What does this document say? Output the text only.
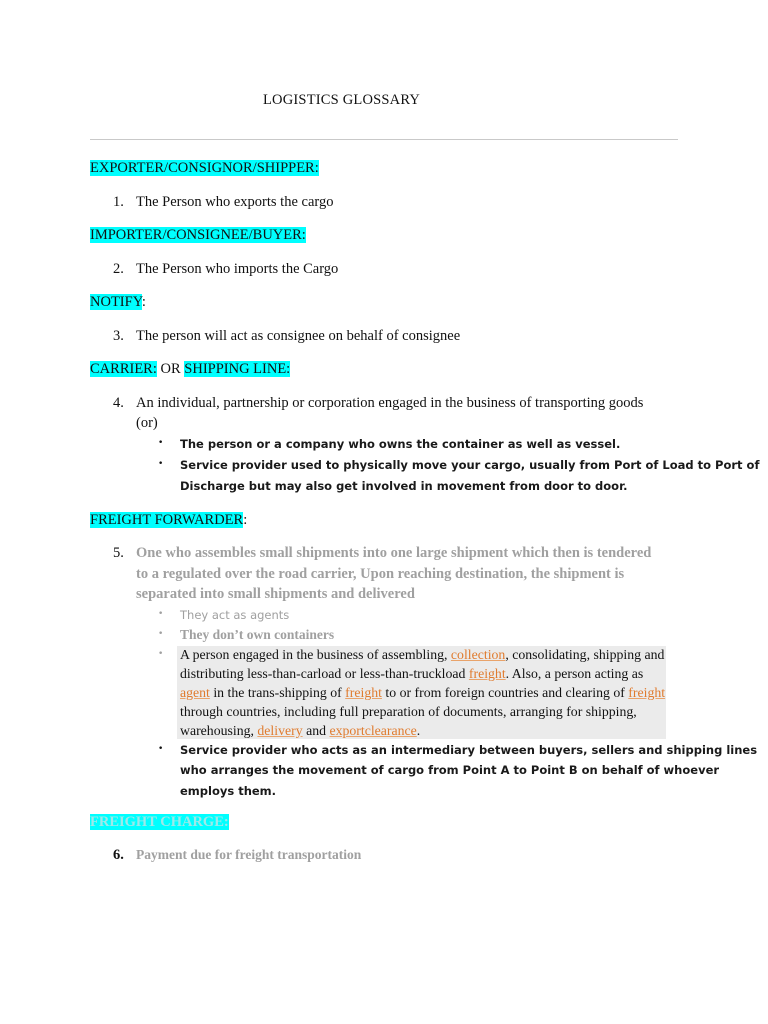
LOGISTICS GLOSSARY
EXPORTER/CONSIGNOR/SHIPPER:
1. The Person who exports the cargo
IMPORTER/CONSIGNEE/BUYER:
2. The Person who imports the Cargo
NOTIFY:
3. The person will act as consignee on behalf of consignee
CARRIER: OR SHIPPING LINE:
4. An individual, partnership or corporation engaged in the business of transporting goods
(or)
• The person or a company who owns the container as well as vessel.
• Service provider used to physically move your cargo, usually from Port of Load to Port of
Discharge but may also get involved in movement from door to door.
FREIGHT FORWARDER:
5. One who assembles small shipments into one large shipment which then is tendered
to a regulated over the road carrier, Upon reaching destination, the shipment is
separated into small shipments and delivered
• They act as agents
• They don’t own containers
• A person engaged in the business of assembling, collection, consolidating, shipping and
distributing less-than-carload or less-than-truckload freight. Also, a person acting as
agent in the trans-shipping of freight to or from foreign countries and clearing of freight
through countries, including full preparation of documents, arranging for shipping,
warehousing, delivery and exportclearance.
• Service provider who acts as an intermediary between buyers, sellers and shipping lines
who arranges the movement of cargo from Point A to Point B on behalf of whoever
employs them.
FREIGHT CHARGE:
6. Payment due for freight transportation
